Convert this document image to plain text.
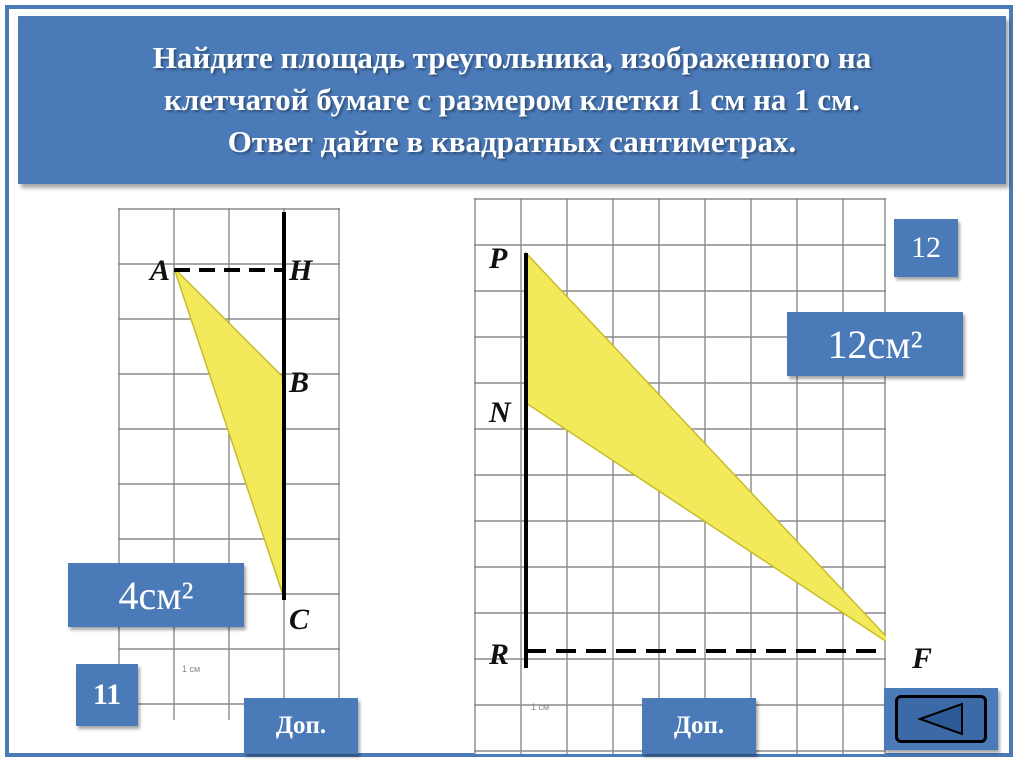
Найдите площадь треугольника, изображенного на
клетчатой бумаге с размером клетки 1 см на 1 см.
Ответ дайте в квадратных сантиметрах.
A	H
B
C
1 см
4см²
11
Доп.
P
N
R	F
1 см
12
12см²
Доп.
